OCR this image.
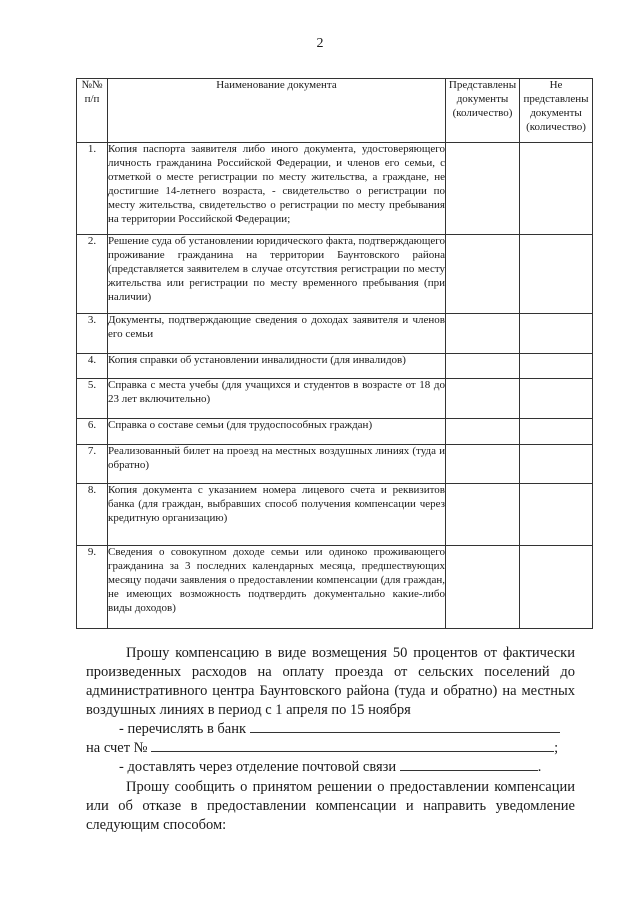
2
№№ п/п	Наименование документа	Представлены документы (количество)	Не представлены документы (количество)
1.	Копия паспорта заявителя либо иного документа, удостоверяющего личность гражданина Российской Федерации, и членов его семьи, с отметкой о месте регистрации по месту жительства, а граждане, не достигшие 14-летнего возраста, - свидетельство о регистрации по месту жительства, свидетельство о регистрации по месту пребывания на территории Российской Федерации;		

2.	Решение суда об установлении юридического факта, подтверждающего проживание гражданина на территории Баунтовского района (представляется заявителем в случае отсутствия регистрации по месту жительства или регистрации по месту временного пребывания (при наличии)		

3.	Документы, подтверждающие сведения о доходах заявителя и членов его семьи		

4.	Копия справки об установлении инвалидности (для инвалидов)		

5.	Справка с места учебы (для учащихся и студентов в возрасте от 18 до 23 лет включительно)		

6.	Справка о составе семьи (для трудоспособных граждан)		

7.	Реализованный билет на проезд на местных воздушных линиях (туда и обратно)		

8.	Копия документа с указанием номера лицевого счета и реквизитов банка (для граждан, выбравших способ получения компенсации через кредитную организацию)		

9.	Сведения о совокупном доходе семьи или одиноко проживающего гражданина за 3 последних календарных месяца, предшествующих месяцу подачи заявления о предоставлении компенсации (для граждан, не имеющих возможность подтвердить документально какие-либо виды доходов)		

Прошу компенсацию в виде возмещения 50 процентов от фактически произведенных расходов на оплату проезда от сельских поселений до административного центра Баунтовского района (туда и обратно) на местных воздушных линиях в период с 1 апреля по 15 ноября
- перечислять в банк
на счет №	;
- доставлять через отделение почтовой связи	.
Прошу сообщить о принятом решении о предоставлении компенсации или об отказе в предоставлении компенсации и направить уведомление следующим способом:
